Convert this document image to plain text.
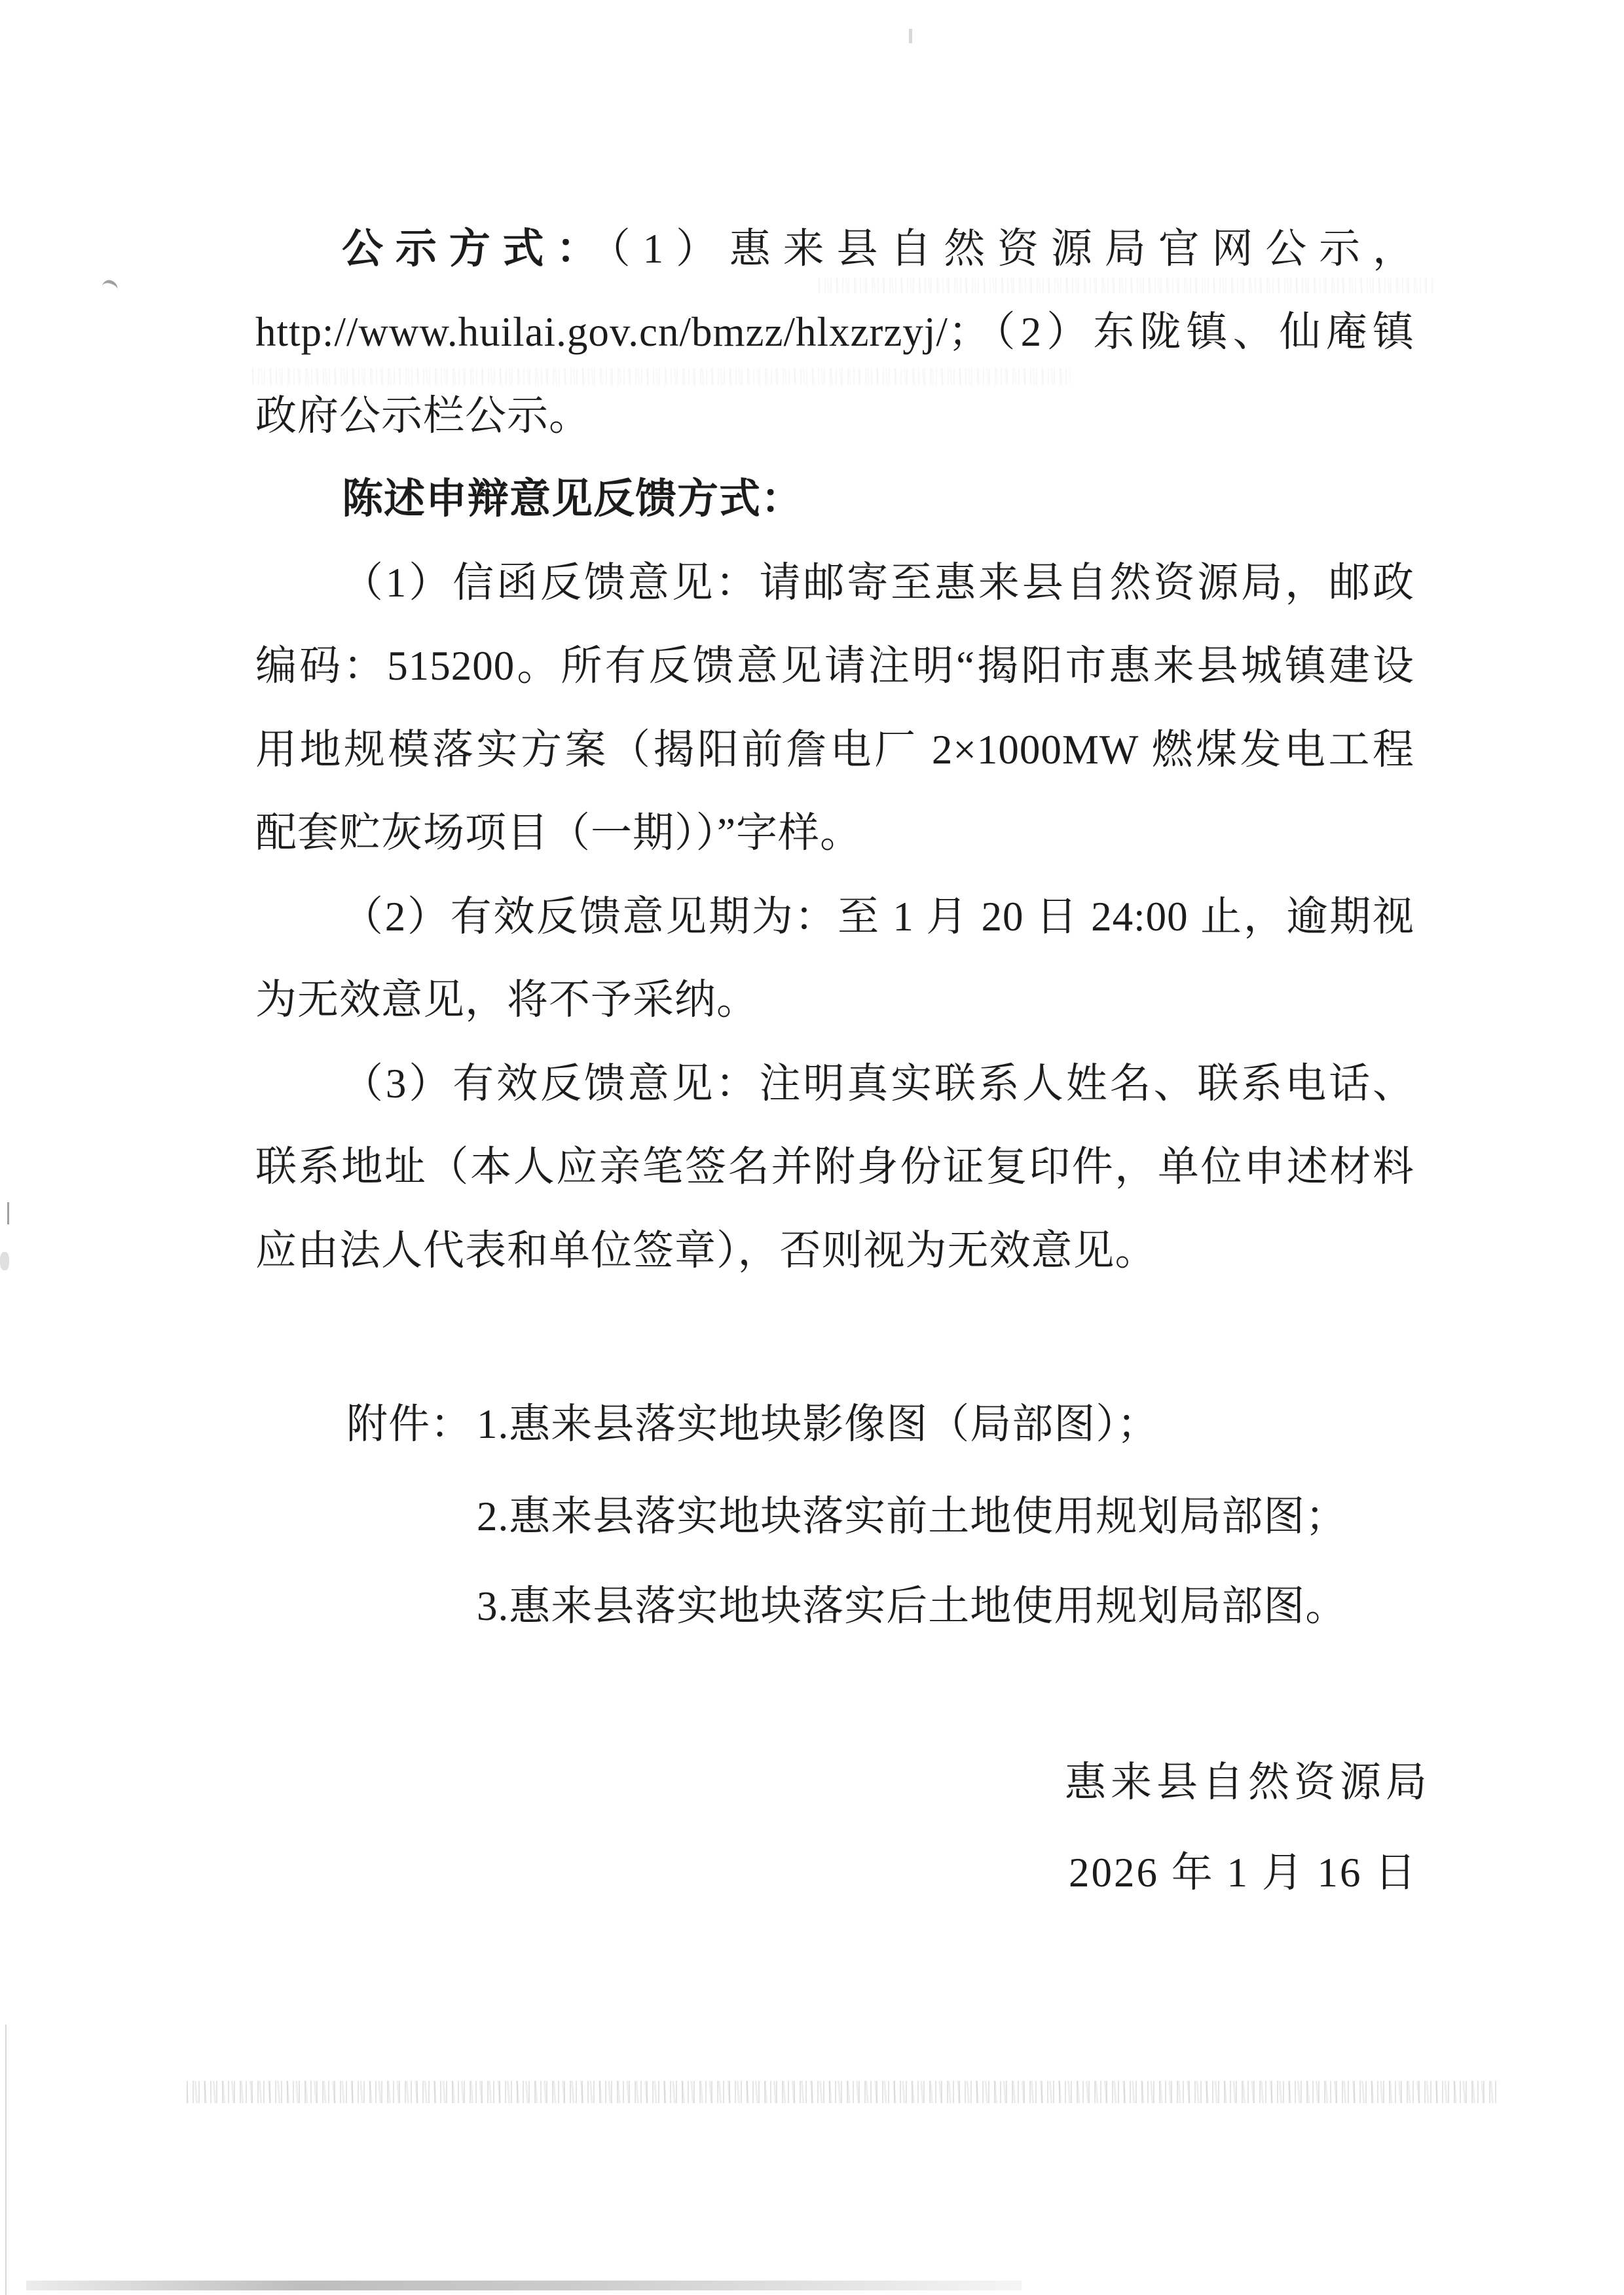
公示方式：（1）惠来县自然资源局官网公示，
http://www.huilai.gov.cn/bmzz/hlxzrzyj/；（2）东陇镇、仙庵镇
政府公示栏公示。
陈述申辩意见反馈方式：
（1）信函反馈意见：请邮寄至惠来县自然资源局，邮政
编码：515200。所有反馈意见请注明“揭阳市惠来县城镇建设
用地规模落实方案（揭阳前詹电厂 2×1000MW 燃煤发电工程
配套贮灰场项目（一期））”字样。
（2）有效反馈意见期为：至 1 月 20 日 24:00 止，逾期视
为无效意见，将不予采纳。
（3）有效反馈意见：注明真实联系人姓名、联系电话、
联系地址（本人应亲笔签名并附身份证复印件，单位申述材料
应由法人代表和单位签章），否则视为无效意见。
附件： 1.惠来县落实地块影像图（局部图）；
2.惠来县落实地块落实前土地使用规划局部图；
3.惠来县落实地块落实后土地使用规划局部图。
惠来县自然资源局
2026 年 1 月 16 日
